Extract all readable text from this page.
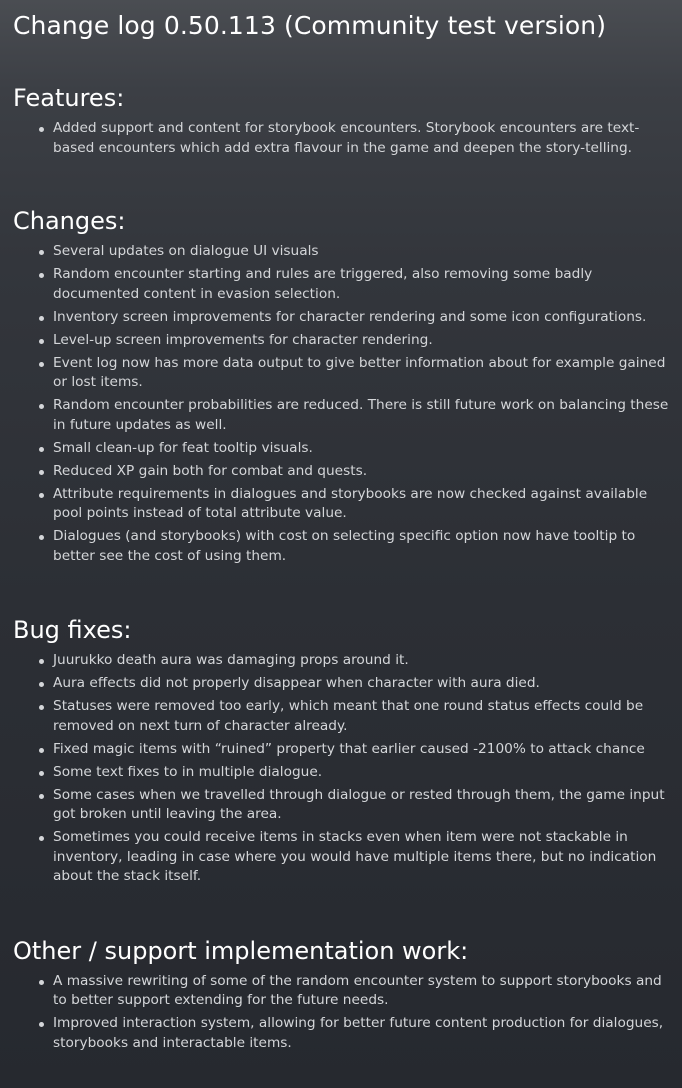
Change log 0.50.113 (Community test version)
Features:
Added support and content for storybook encounters. Storybook encounters are text-based encounters which add extra flavour in the game and deepen the story-telling.
Changes:
Several updates on dialogue UI visuals
Random encounter starting and rules are triggered, also removing some badly documented content in evasion selection.
Inventory screen improvements for character rendering and some icon configurations.
Level-up screen improvements for character rendering.
Event log now has more data output to give better information about for example gained or lost items.
Random encounter probabilities are reduced. There is still future work on balancing these in future updates as well.
Small clean-up for feat tooltip visuals.
Reduced XP gain both for combat and quests.
Attribute requirements in dialogues and storybooks are now checked against available pool points instead of total attribute value.
Dialogues (and storybooks) with cost on selecting specific option now have tooltip to better see the cost of using them.
Bug fixes:
Juurukko death aura was damaging props around it.
Aura effects did not properly disappear when character with aura died.
Statuses were removed too early, which meant that one round status effects could be removed on next turn of character already.
Fixed magic items with “ruined” property that earlier caused -2100% to attack chance
Some text fixes to in multiple dialogue.
Some cases when we travelled through dialogue or rested through them, the game input got broken until leaving the area.
Sometimes you could receive items in stacks even when item were not stackable in inventory, leading in case where you would have multiple items there, but no indication about the stack itself.
Other / support implementation work:
A massive rewriting of some of the random encounter system to support storybooks and to better support extending for the future needs.
Improved interaction system, allowing for better future content production for dialogues, storybooks and interactable items.
